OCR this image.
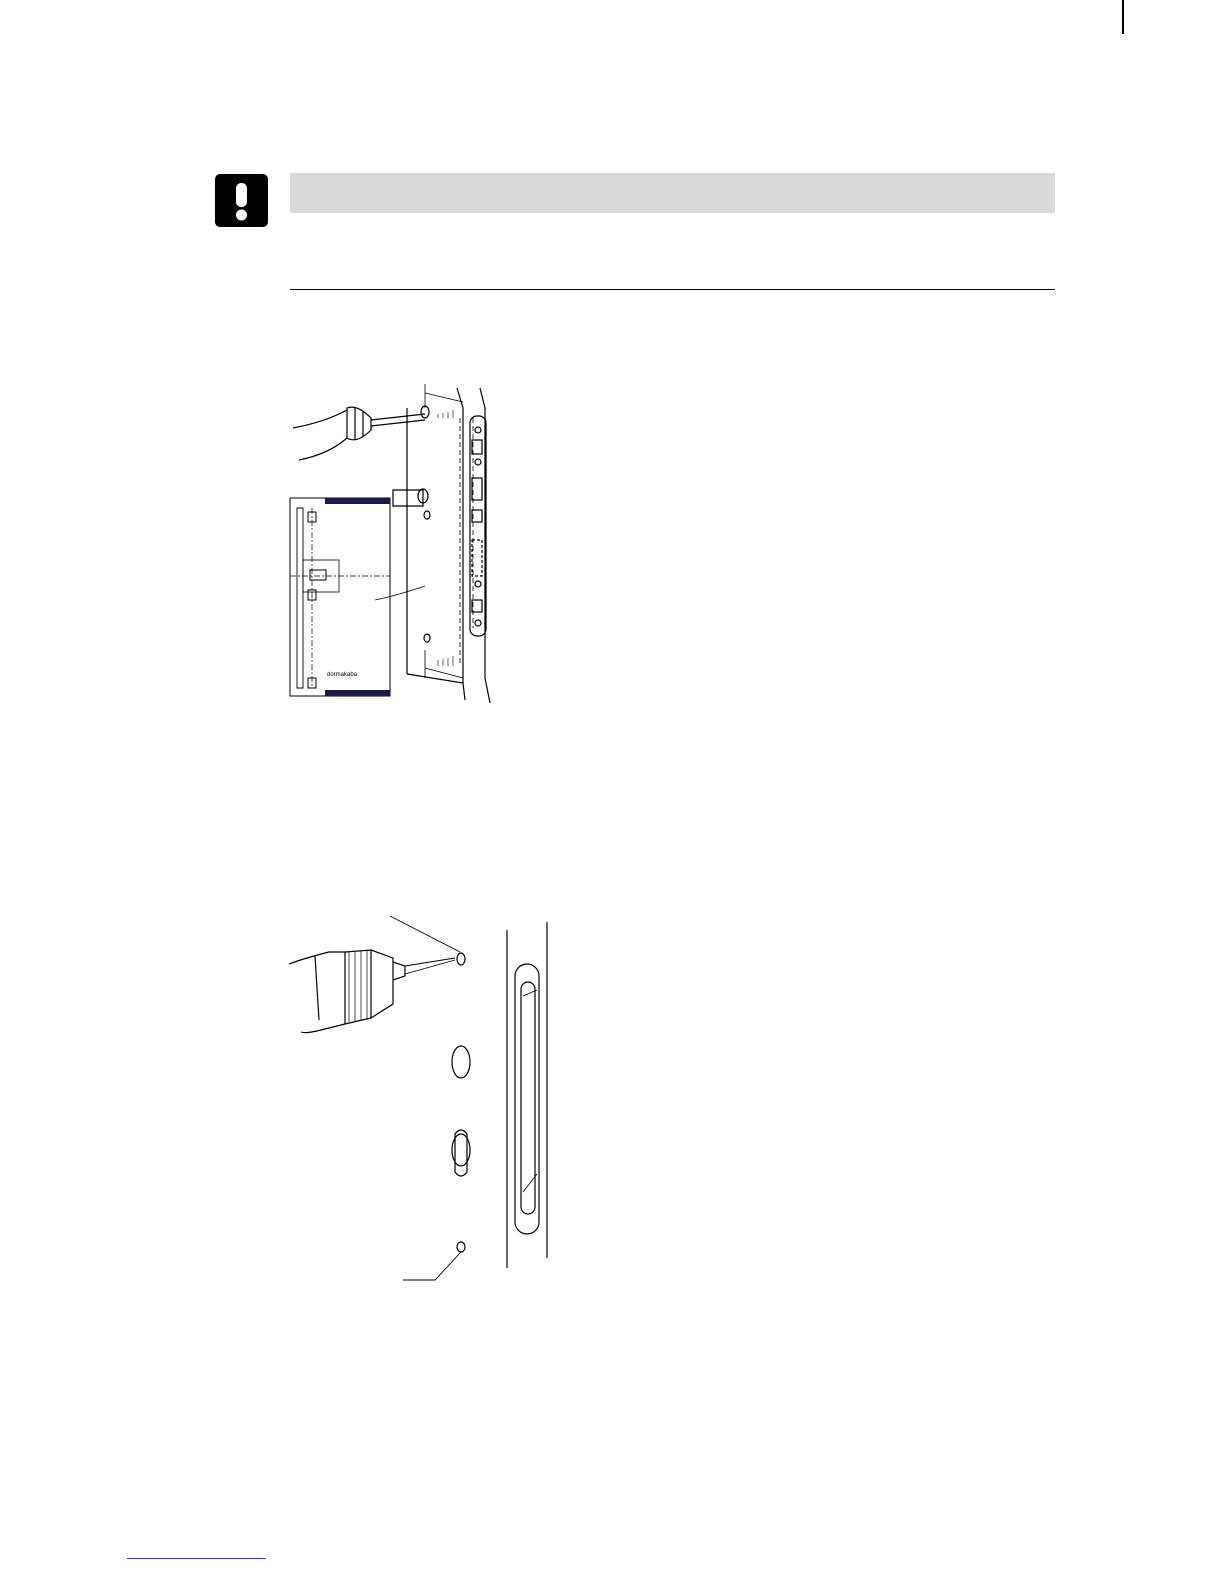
dormakaba
